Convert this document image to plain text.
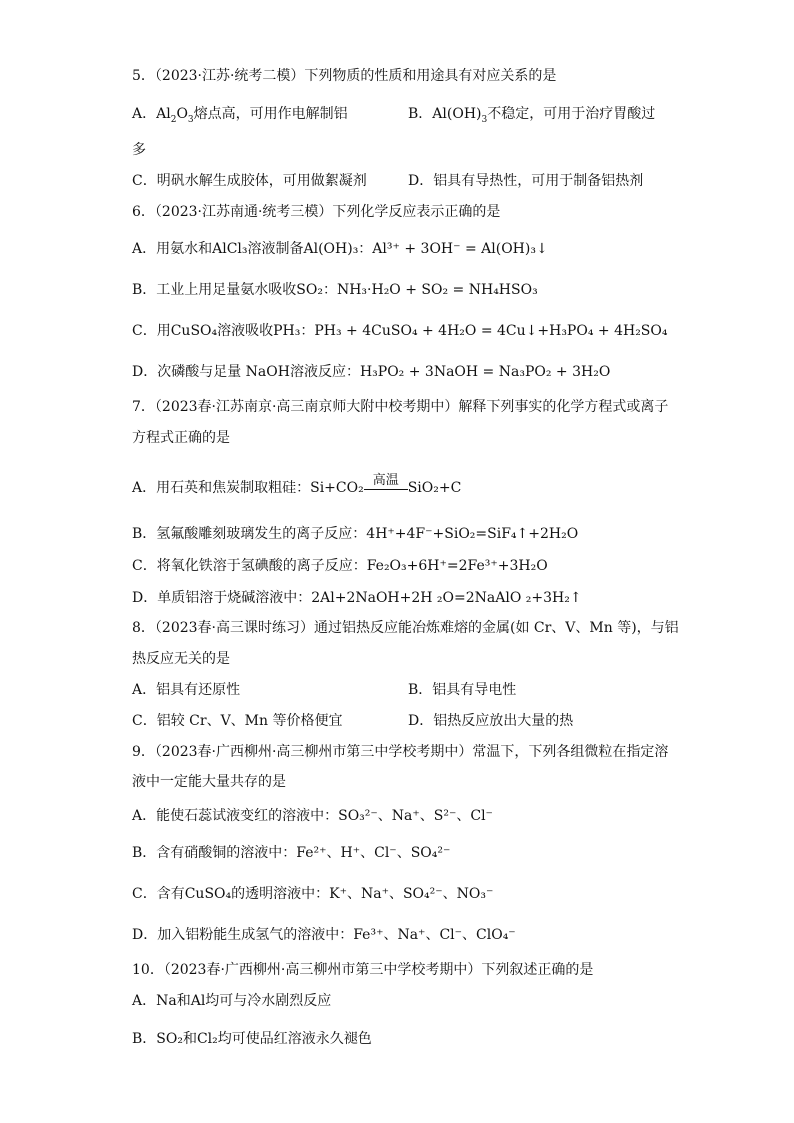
5．（2023·江苏·统考二模）下列物质的性质和用途具有对应关系的是
A．$Al_2O_3$熔点高，可用作电解制铝	B．$Al(OH)_3$不稳定，可用于治疗胃酸过
多
C．明矾水解生成胶体，可用做絮凝剂	D．铝具有导热性，可用于制备铝热剂
6．（2023·江苏南通·统考三模）下列化学反应表示正确的是
A．用氨水和AlCl₃溶液制备Al(OH)₃：Al³⁺ + 3OH⁻ = Al(OH)₃↓
B．工业上用足量氨水吸收SO₂：NH₃·H₂O + SO₂ = NH₄HSO₃
C．用CuSO₄溶液吸收PH₃：PH₃ + 4CuSO₄ + 4H₂O = 4Cu↓+H₃PO₄ + 4H₂SO₄
D．次磷酸与足量 NaOH溶液反应：H₃PO₂ + 3NaOH = Na₃PO₂ + 3H₂O
7．（2023春·江苏南京·高三南京师大附中校考期中）解释下列事实的化学方程式或离子
方程式正确的是
A．用石英和焦炭制取粗硅：Si+CO₂ 高温 SiO₂+C
B．氢氟酸雕刻玻璃发生的离子反应：4H⁺+4F⁻+SiO₂=SiF₄↑+2H₂O
C．将氧化铁溶于氢碘酸的离子反应：Fe₂O₃+6H⁺=2Fe³⁺+3H₂O
D．单质铝溶于烧碱溶液中：2Al+2NaOH+2H ₂O=2NaAlO ₂+3H₂↑
8．（2023春·高三课时练习）通过铝热反应能冶炼难熔的金属(如 Cr、V、Mn 等)，与铝
热反应无关的是
A．铝具有还原性	B．铝具有导电性
C．铝较 Cr、V、Mn 等价格便宜	D．铝热反应放出大量的热
9．（2023春·广西柳州·高三柳州市第三中学校考期中）常温下，下列各组微粒在指定溶
液中一定能大量共存的是
A．能使石蕊试液变红的溶液中：SO₃²⁻、Na⁺、S²⁻、Cl⁻
B．含有硝酸铜的溶液中：Fe²⁺、H⁺、Cl⁻、SO₄²⁻
C．含有CuSO₄的透明溶液中：K⁺、Na⁺、SO₄²⁻、NO₃⁻
D．加入铝粉能生成氢气的溶液中：Fe³⁺、Na⁺、Cl⁻、ClO₄⁻
10．（2023春·广西柳州·高三柳州市第三中学校考期中）下列叙述正确的是
A．Na和Al均可与冷水剧烈反应
B．SO₂和Cl₂均可使品红溶液永久褪色
